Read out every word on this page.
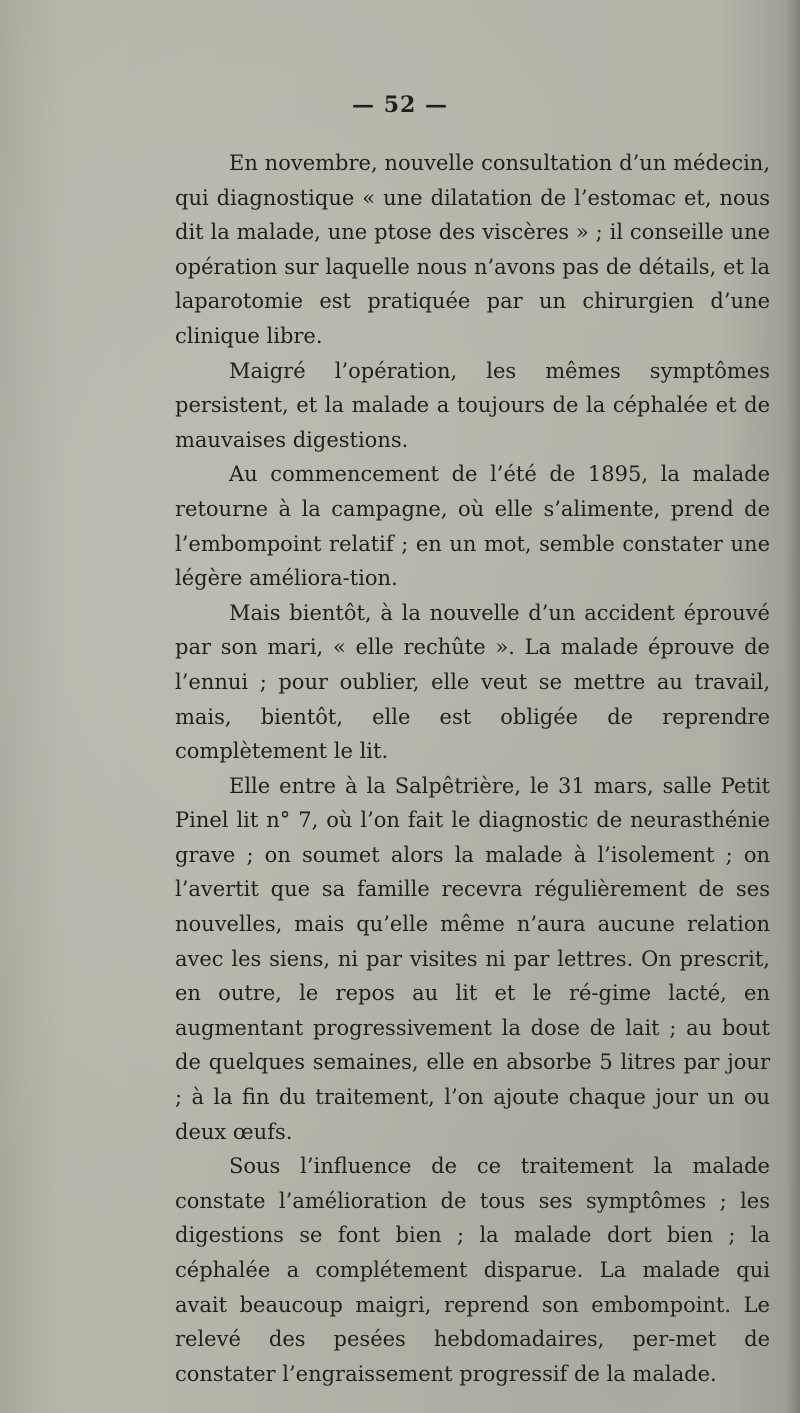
— 52 —

En novembre, nouvelle consultation d’un médecin, qui diagnostique « une dilatation de l’estomac et, nous dit la malade, une ptose des viscères » ; il conseille une opération sur laquelle nous n’avons pas de détails, et la laparotomie est pratiquée par un chirurgien d’une clinique libre.

Maigré l’opération, les mêmes symptômes persistent, et la malade a toujours de la céphalée et de mauvaises digestions.

Au commencement de l’été de 1895, la malade retourne à la campagne, où elle s’alimente, prend de l’embompoint relatif ; en un mot, semble constater une légère améliora-tion.

Mais bientôt, à la nouvelle d’un accident éprouvé par son mari, « elle rechûte ». La malade éprouve de l’ennui ; pour oublier, elle veut se mettre au travail, mais, bientôt, elle est obligée de reprendre complètement le lit.

Elle entre à la Salpêtrière, le 31 mars, salle Petit Pinel lit n° 7, où l’on fait le diagnostic de neurasthénie grave ; on soumet alors la malade à l’isolement ; on l’avertit que sa famille recevra régulièrement de ses nouvelles, mais qu’elle même n’aura aucune relation avec les siens, ni par visites ni par lettres. On prescrit, en outre, le repos au lit et le ré-gime lacté, en augmentant progressivement la dose de lait ; au bout de quelques semaines, elle en absorbe 5 litres par jour ; à la fin du traitement, l’on ajoute chaque jour un ou deux œufs.

Sous l’influence de ce traitement la malade constate l’amélioration de tous ses symptômes ; les digestions se font bien ; la malade dort bien ; la céphalée a complétement disparue. La malade qui avait beaucoup maigri, reprend son embompoint. Le relevé des pesées hebdomadaires, per-met de constater l’engraissement progressif de la malade.
